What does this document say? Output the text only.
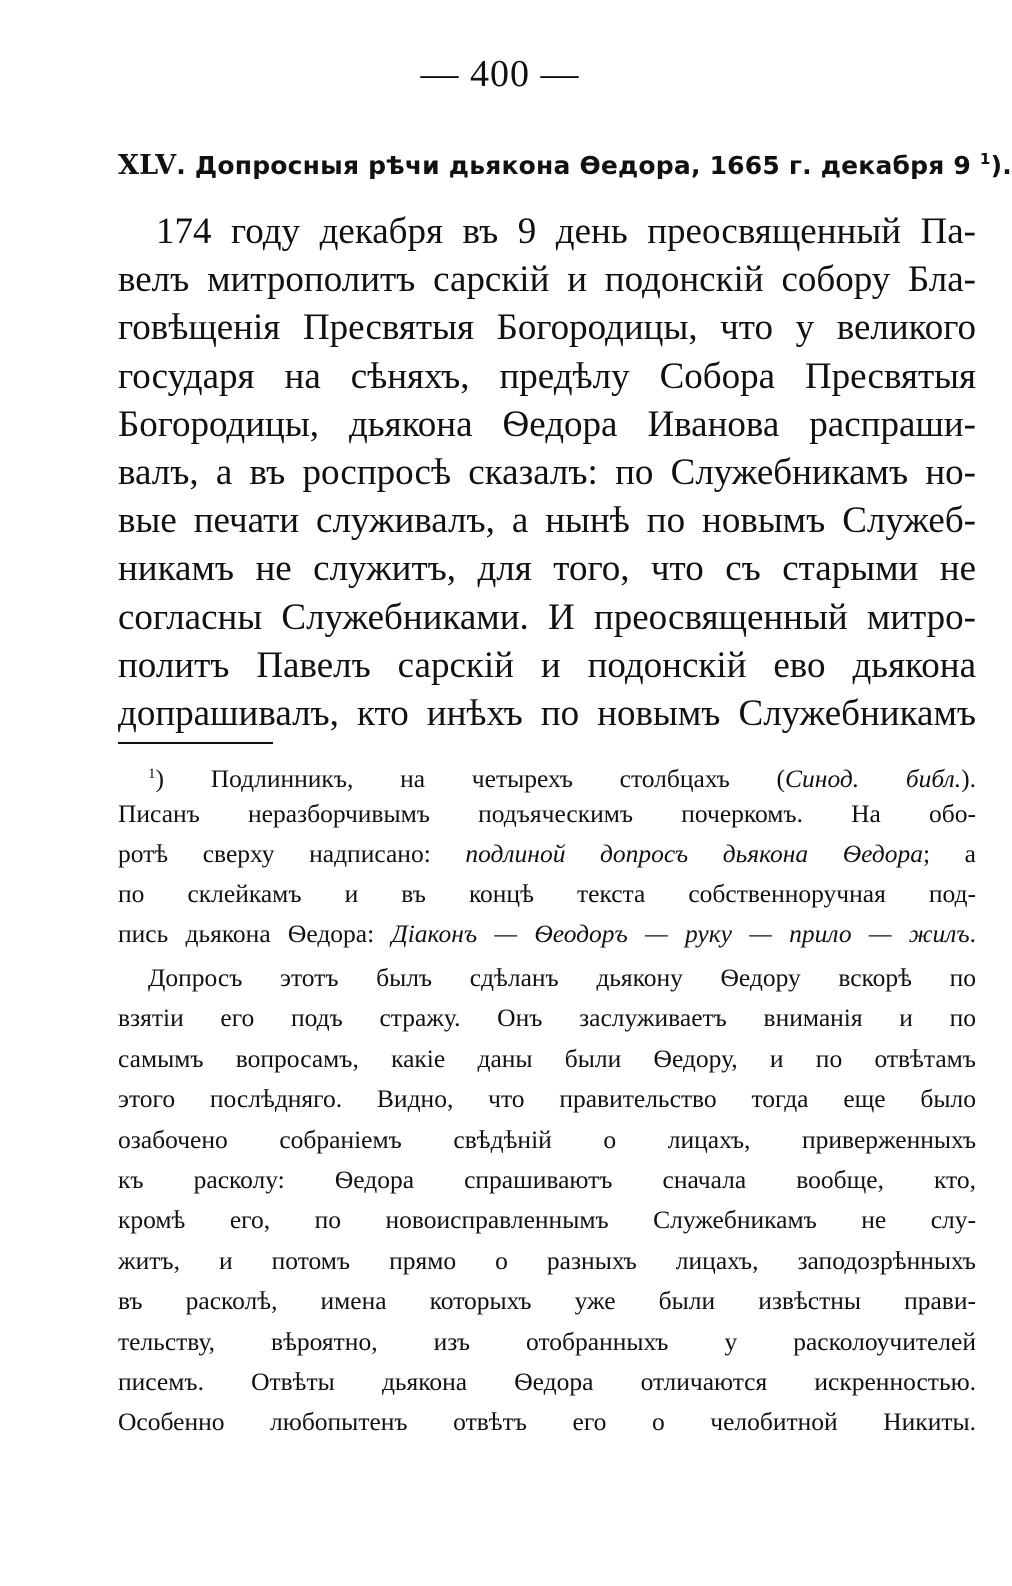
— 400 —
XLV. Допросныя рѣчи дьякона Ѳедора, 1665 г. декабря 9 $^1$).
174 году декабря въ 9 день преосвященный Па-
велъ митрополитъ сарскій и подонскій собору Бла-
говѣщенія Пресвятыя Богородицы, что у великого
государя на сѣняхъ, предѣлу Собора Пресвятыя
Богородицы, дьякона Ѳедора Иванова распраши-
валъ, а въ роспросѣ сказалъ: по Служебникамъ но-
вые печати служивалъ, а нынѣ по новымъ Служеб-
никамъ не служитъ, для того, что съ старыми не
согласны Служебниками. И преосвященный митро-
политъ Павелъ сарскій и подонскій ево дьякона
допрашивалъ, кто инѣхъ по новымъ Служебникамъ
$^1$) Подлинникъ, на четырехъ столбцахъ (Синод. библ.).
Писанъ неразборчивымъ подъяческимъ почеркомъ. На обо-
ротѣ сверху надписано: подлиной допросъ дьякона Ѳедора; а
по склейкамъ и въ концѣ текста собственноручная под-
пись дьякона Ѳедора: Діаконъ — Ѳеодоръ — руку — прило — жилъ.
Допросъ этотъ былъ сдѣланъ дьякону Ѳедору вскорѣ по
взятіи его подъ стражу. Онъ заслуживаетъ вниманія и по
самымъ вопросамъ, какіе даны были Ѳедору, и по отвѣтамъ
этого послѣдняго. Видно, что правительство тогда еще было
озабочено собраніемъ свѣдѣній о лицахъ, приверженныхъ
къ расколу: Ѳедора спрашиваютъ сначала вообще, кто,
кромѣ его, по новоисправленнымъ Служебникамъ не слу-
житъ, и потомъ прямо о разныхъ лицахъ, заподозрѣнныхъ
въ расколѣ, имена которыхъ уже были извѣстны прави-
тельству, вѣроятно, изъ отобранныхъ у расколоучителей
писемъ. Отвѣты дьякона Ѳедора отличаются искренностью.
Особенно любопытенъ отвѣтъ его о челобитной Никиты.
